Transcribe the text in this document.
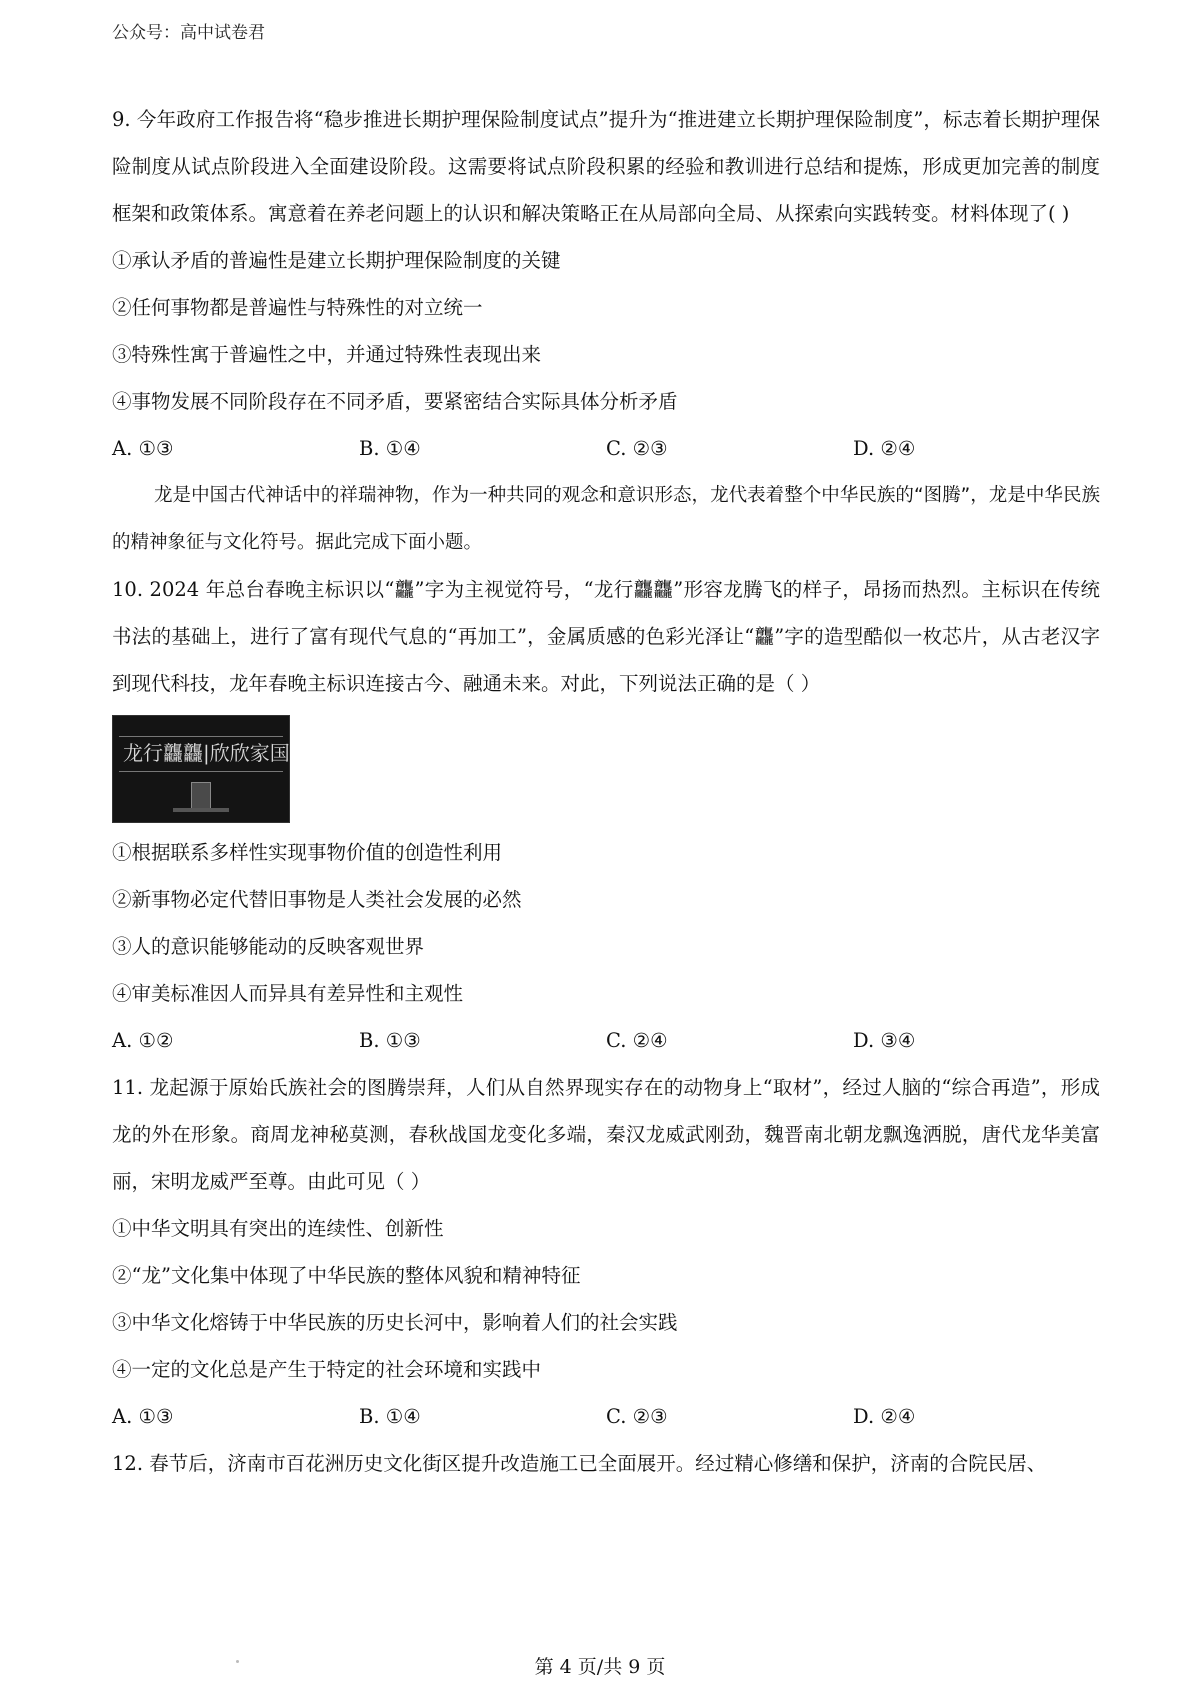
公众号：高中试卷君

9. 今年政府工作报告将“稳步推进长期护理保险制度试点”提升为“推进建立长期护理保险制度”，标志着长期护理保险制度从试点阶段进入全面建设阶段。这需要将试点阶段积累的经验和教训进行总结和提炼，形成更加完善的制度框架和政策体系。寓意着在养老问题上的认识和解决策略正在从局部向全局、从探索向实践转变。材料体现了( )

①承认矛盾的普遍性是建立长期护理保险制度的关键

②任何事物都是普遍性与特殊性的对立统一

③特殊性寓于普遍性之中，并通过特殊性表现出来

④事物发展不同阶段存在不同矛盾，要紧密结合实际具体分析矛盾

A. ①③	B. ①④	C. ②③	D. ②④

龙是中国古代神话中的祥瑞神物，作为一种共同的观念和意识形态，龙代表着整个中华民族的“图腾”，龙是中华民族的精神象征与文化符号。据此完成下面小题。

10. 2024 年总台春晚主标识以“龘”字为主视觉符号，“龙行龘龘”形容龙腾飞的样子，昂扬而热烈。主标识在传统书法的基础上，进行了富有现代气息的“再加工”，金属质感的色彩光泽让“龘”字的造型酷似一枚芯片，从古老汉字到现代科技，龙年春晚主标识连接古今、融通未来。对此，下列说法正确的是（ ）

龙行龘龘|欣欣家国

①根据联系多样性实现事物价值的创造性利用

②新事物必定代替旧事物是人类社会发展的必然

③人的意识能够能动的反映客观世界

④审美标准因人而异具有差异性和主观性

A. ①②	B. ①③	C. ②④	D. ③④

11. 龙起源于原始氏族社会的图腾崇拜，人们从自然界现实存在的动物身上“取材”，经过人脑的“综合再造”，形成龙的外在形象。商周龙神秘莫测，春秋战国龙变化多端，秦汉龙威武刚劲，魏晋南北朝龙飘逸洒脱，唐代龙华美富丽，宋明龙威严至尊。由此可见（ ）

①中华文明具有突出的连续性、创新性

②“龙”文化集中体现了中华民族的整体风貌和精神特征

③中华文化熔铸于中华民族的历史长河中，影响着人们的社会实践

④一定的文化总是产生于特定的社会环境和实践中

A. ①③	B. ①④	C. ②③	D. ②④

12. 春节后，济南市百花洲历史文化街区提升改造施工已全面展开。经过精心修缮和保护，济南的合院民居、

第 4 页/共 9 页
